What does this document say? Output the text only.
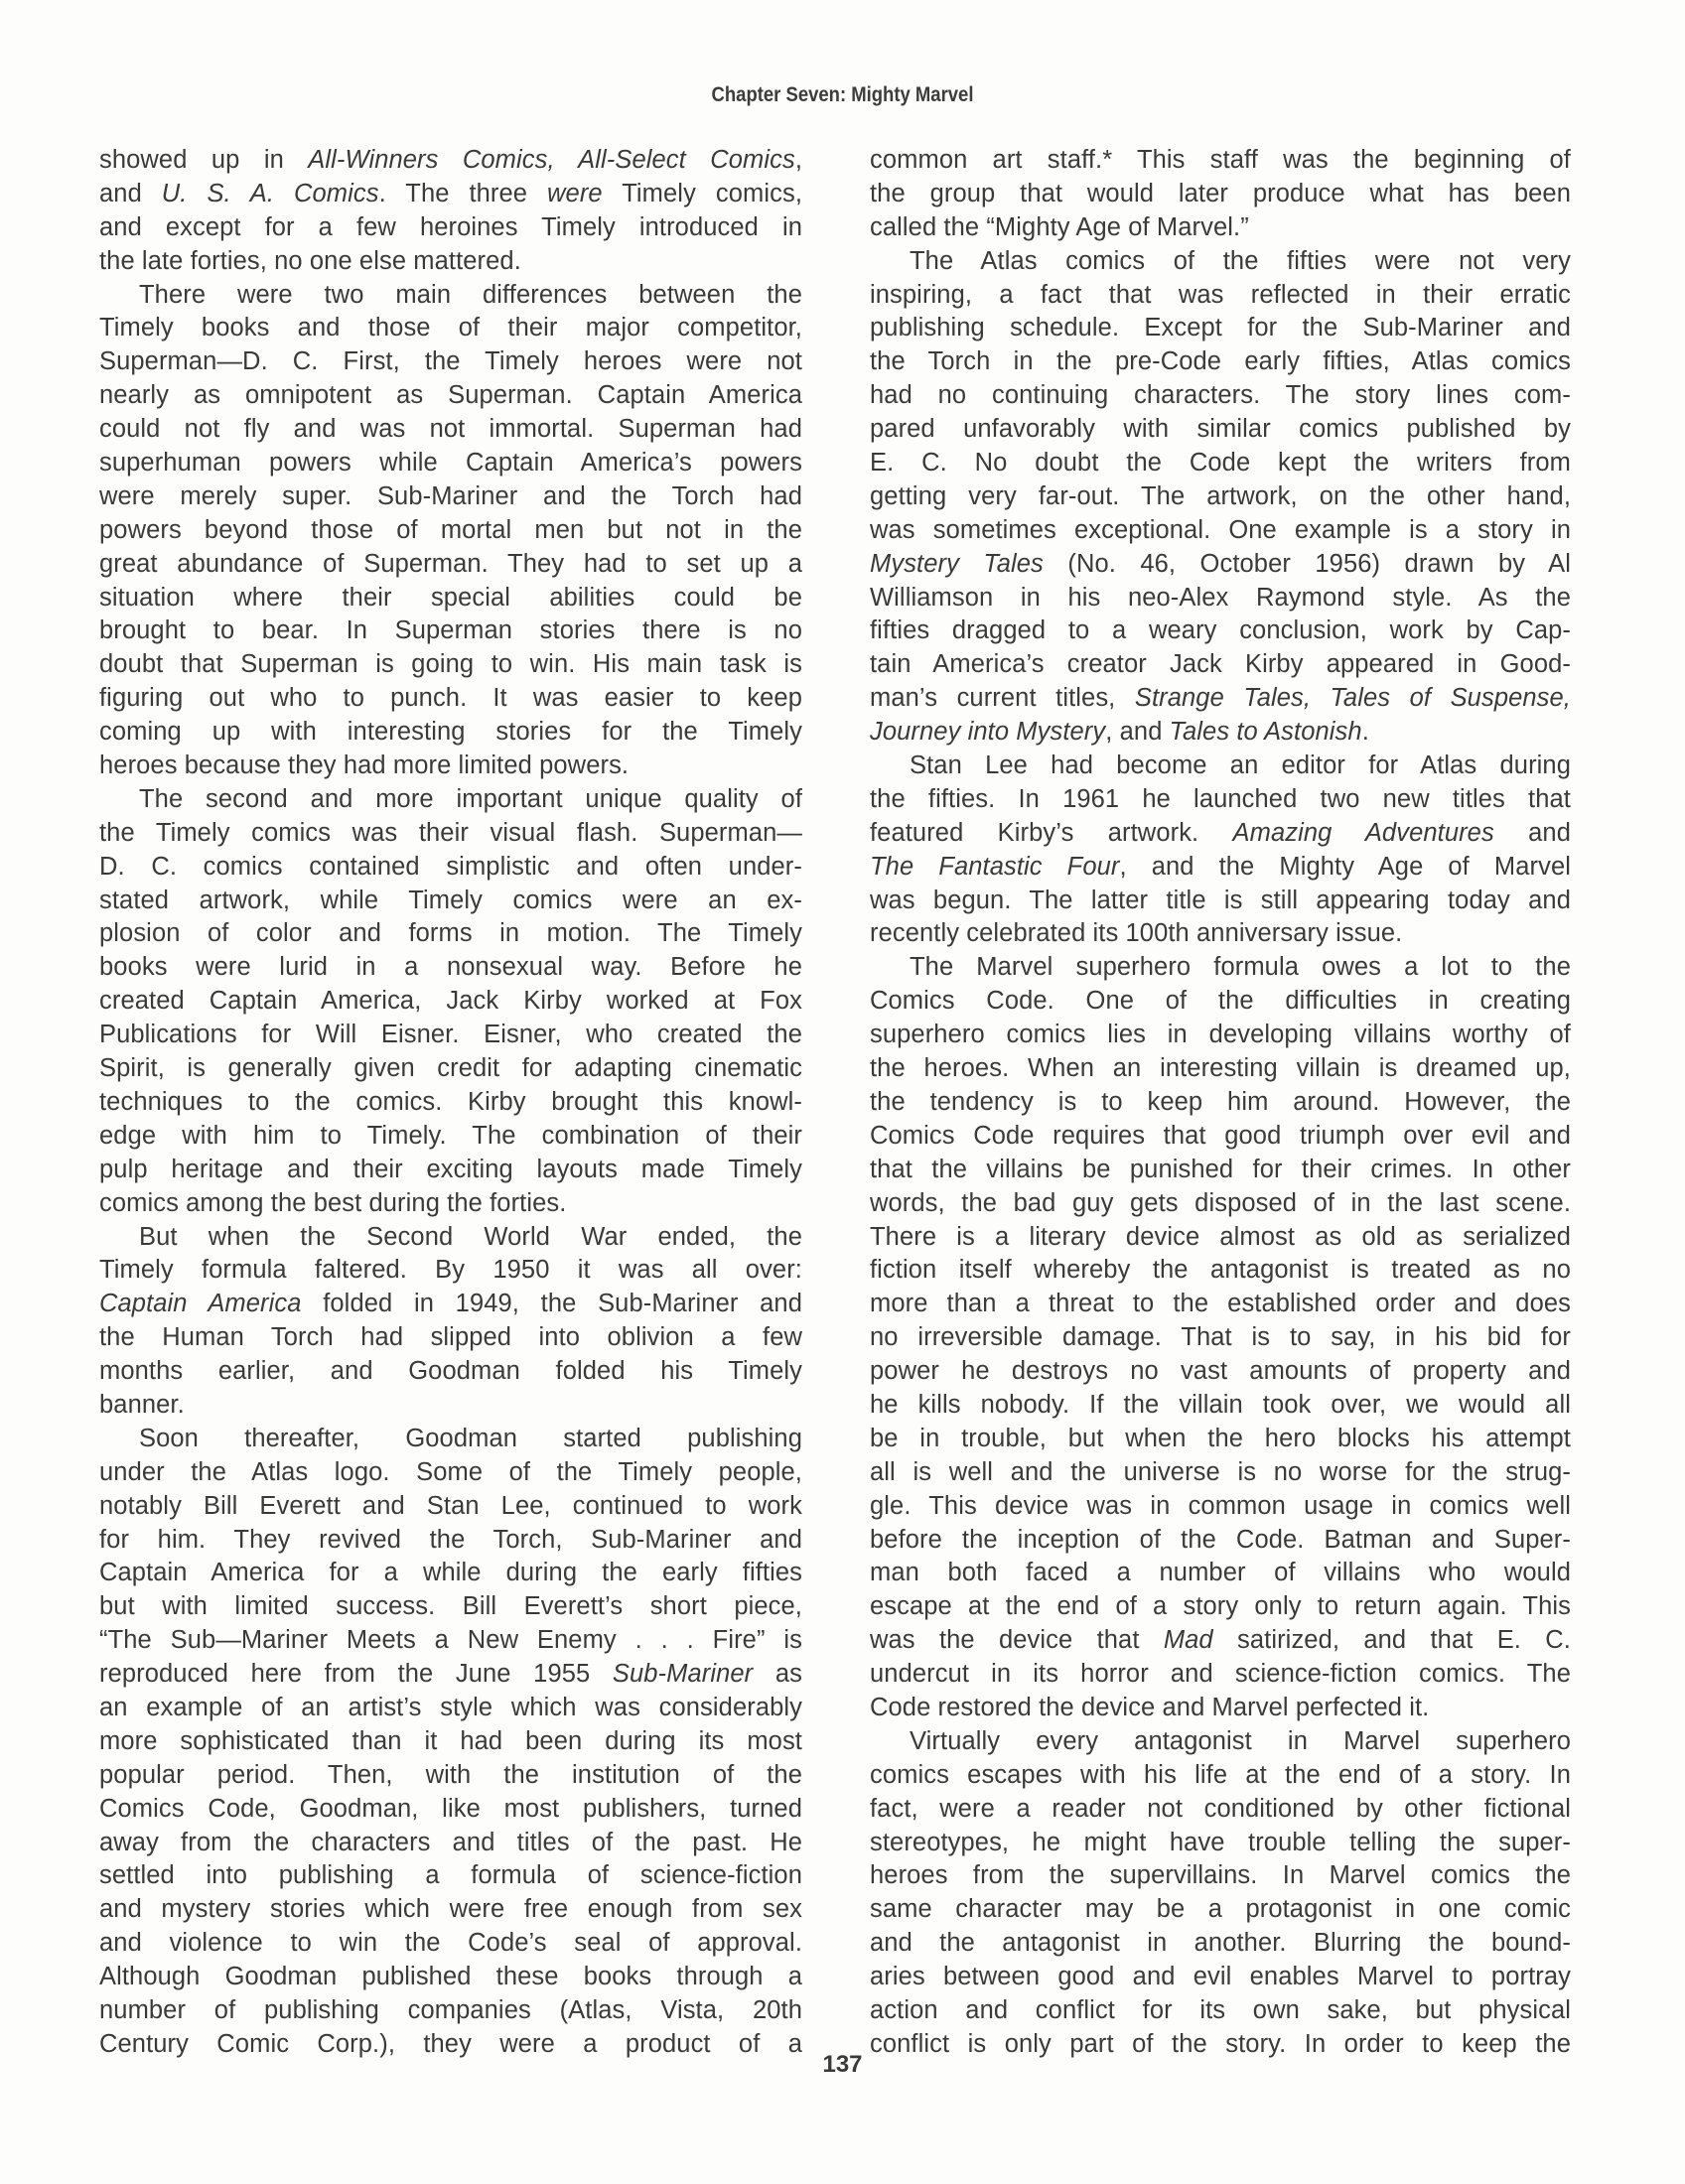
Chapter Seven: Mighty Marvel
showed up in All-Winners Comics, All-Select Comics,
and U. S. A. Comics. The three were Timely comics,
and except for a few heroines Timely introduced in
the late forties, no one else mattered.
There were two main differences between the
Timely books and those of their major competitor,
Superman—D. C. First, the Timely heroes were not
nearly as omnipotent as Superman. Captain America
could not fly and was not immortal. Superman had
superhuman powers while Captain America’s powers
were merely super. Sub-Mariner and the Torch had
powers beyond those of mortal men but not in the
great abundance of Superman. They had to set up a
situation where their special abilities could be
brought to bear. In Superman stories there is no
doubt that Superman is going to win. His main task is
figuring out who to punch. It was easier to keep
coming up with interesting stories for the Timely
heroes because they had more limited powers.
The second and more important unique quality of
the Timely comics was their visual flash. Superman—
D. C. comics contained simplistic and often under-
stated artwork, while Timely comics were an ex-
plosion of color and forms in motion. The Timely
books were lurid in a nonsexual way. Before he
created Captain America, Jack Kirby worked at Fox
Publications for Will Eisner. Eisner, who created the
Spirit, is generally given credit for adapting cinematic
techniques to the comics. Kirby brought this knowl-
edge with him to Timely. The combination of their
pulp heritage and their exciting layouts made Timely
comics among the best during the forties.
But when the Second World War ended, the
Timely formula faltered. By 1950 it was all over:
Captain America folded in 1949, the Sub-Mariner and
the Human Torch had slipped into oblivion a few
months earlier, and Goodman folded his Timely
banner.
Soon thereafter, Goodman started publishing
under the Atlas logo. Some of the Timely people,
notably Bill Everett and Stan Lee, continued to work
for him. They revived the Torch, Sub-Mariner and
Captain America for a while during the early fifties
but with limited success. Bill Everett’s short piece,
“The Sub—Mariner Meets a New Enemy . . . Fire” is
reproduced here from the June 1955 Sub-Mariner as
an example of an artist’s style which was considerably
more sophisticated than it had been during its most
popular period. Then, with the institution of the
Comics Code, Goodman, like most publishers, turned
away from the characters and titles of the past. He
settled into publishing a formula of science-fiction
and mystery stories which were free enough from sex
and violence to win the Code’s seal of approval.
Although Goodman published these books through a
number of publishing companies (Atlas, Vista, 20th
Century Comic Corp.), they were a product of a
common art staff.* This staff was the beginning of
the group that would later produce what has been
called the “Mighty Age of Marvel.”
The Atlas comics of the fifties were not very
inspiring, a fact that was reflected in their erratic
publishing schedule. Except for the Sub-Mariner and
the Torch in the pre-Code early fifties, Atlas comics
had no continuing characters. The story lines com-
pared unfavorably with similar comics published by
E. C. No doubt the Code kept the writers from
getting very far-out. The artwork, on the other hand,
was sometimes exceptional. One example is a story in
Mystery Tales (No. 46, October 1956) drawn by Al
Williamson in his neo-Alex Raymond style. As the
fifties dragged to a weary conclusion, work by Cap-
tain America’s creator Jack Kirby appeared in Good-
man’s current titles, Strange Tales, Tales of Suspense,
Journey into Mystery, and Tales to Astonish.
Stan Lee had become an editor for Atlas during
the fifties. In 1961 he launched two new titles that
featured Kirby’s artwork. Amazing Adventures and
The Fantastic Four, and the Mighty Age of Marvel
was begun. The latter title is still appearing today and
recently celebrated its 100th anniversary issue.
The Marvel superhero formula owes a lot to the
Comics Code. One of the difficulties in creating
superhero comics lies in developing villains worthy of
the heroes. When an interesting villain is dreamed up,
the tendency is to keep him around. However, the
Comics Code requires that good triumph over evil and
that the villains be punished for their crimes. In other
words, the bad guy gets disposed of in the last scene.
There is a literary device almost as old as serialized
fiction itself whereby the antagonist is treated as no
more than a threat to the established order and does
no irreversible damage. That is to say, in his bid for
power he destroys no vast amounts of property and
he kills nobody. If the villain took over, we would all
be in trouble, but when the hero blocks his attempt
all is well and the universe is no worse for the strug-
gle. This device was in common usage in comics well
before the inception of the Code. Batman and Super-
man both faced a number of villains who would
escape at the end of a story only to return again. This
was the device that Mad satirized, and that E. C.
undercut in its horror and science-fiction comics. The
Code restored the device and Marvel perfected it.
Virtually every antagonist in Marvel superhero
comics escapes with his life at the end of a story. In
fact, were a reader not conditioned by other fictional
stereotypes, he might have trouble telling the super-
heroes from the supervillains. In Marvel comics the
same character may be a protagonist in one comic
and the antagonist in another. Blurring the bound-
aries between good and evil enables Marvel to portray
action and conflict for its own sake, but physical
conflict is only part of the story. In order to keep the
137
